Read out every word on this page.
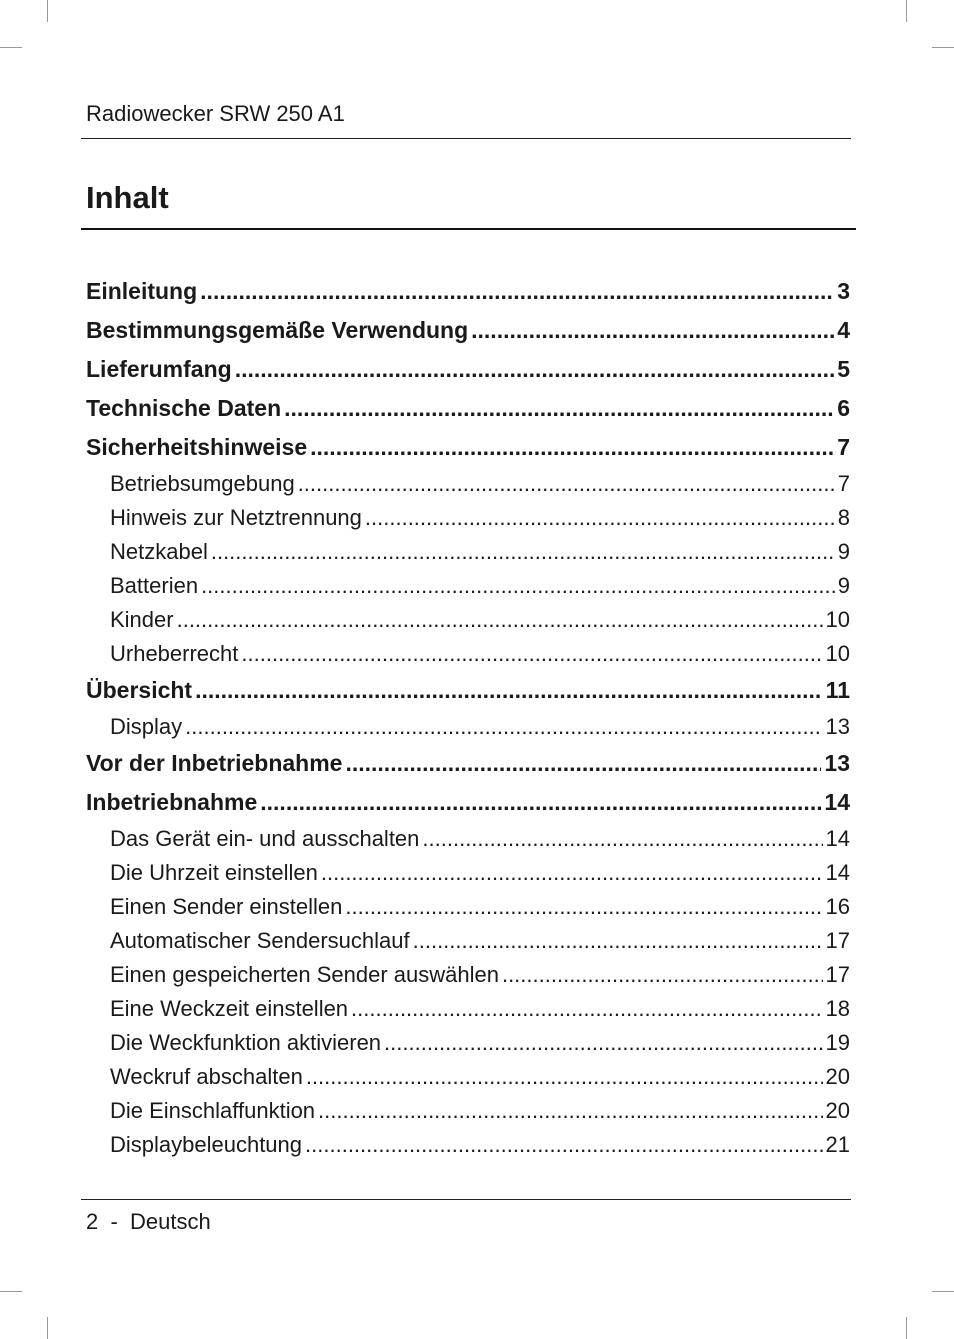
Radiowecker SRW 250 A1
Inhalt
Einleitung .....	3
Bestimmungsgemäße Verwendung .....	4
Lieferumfang .....	5
Technische Daten .....	6
Sicherheitshinweise .....	7
Betriebsumgebung .....	7
Hinweis zur Netztrennung .....	8
Netzkabel .....	9
Batterien .....	9
Kinder .....	10
Urheberrecht .....	10
Übersicht .....	11
Display .....	13
Vor der Inbetriebnahme .....	13
Inbetriebnahme .....	14
Das Gerät ein- und ausschalten .....	14
Die Uhrzeit einstellen .....	14
Einen Sender einstellen .....	16
Automatischer Sendersuchlauf .....	17
Einen gespeicherten Sender auswählen .....	17
Eine Weckzeit einstellen .....	18
Die Weckfunktion aktivieren .....	19
Weckruf abschalten .....	20
Die Einschlaffunktion .....	20
Displaybeleuchtung .....	21
2 - Deutsch
